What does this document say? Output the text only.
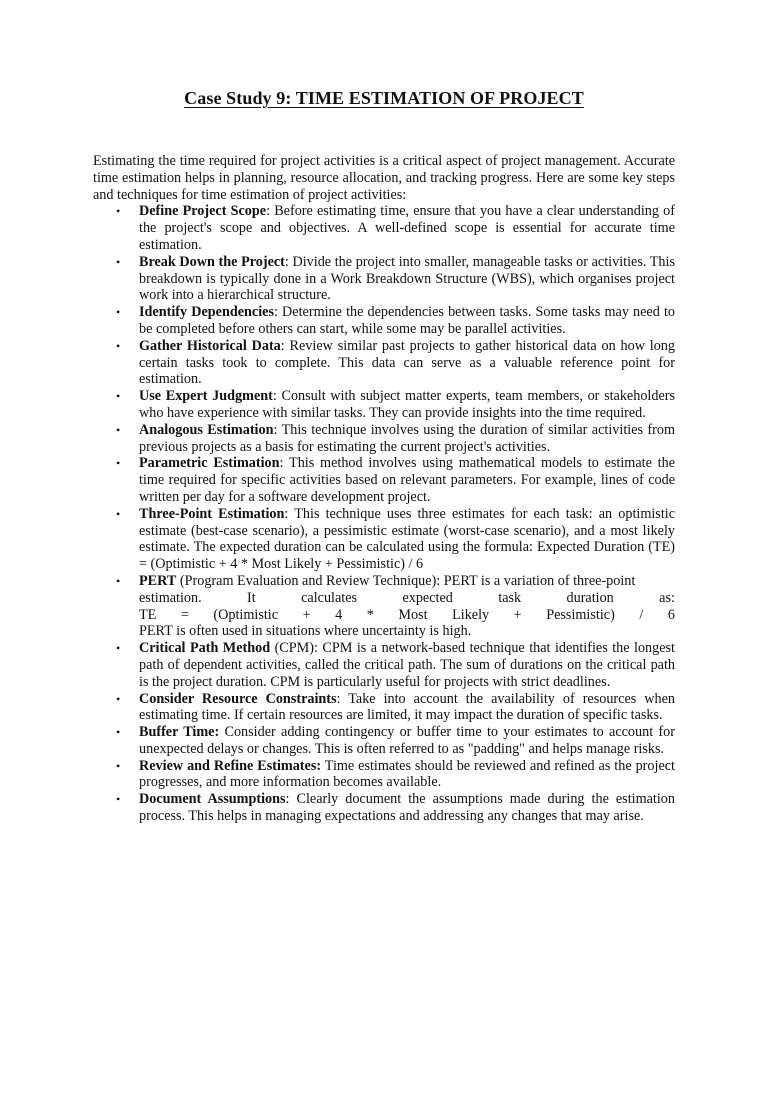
Case Study 9: TIME ESTIMATION OF PROJECT

Estimating the time required for project activities is a critical aspect of project management. Accurate time estimation helps in planning, resource allocation, and tracking progress. Here are some key steps and techniques for time estimation of project activities:

• Define Project Scope: Before estimating time, ensure that you have a clear understanding of the project's scope and objectives. A well-defined scope is essential for accurate time estimation.
• Break Down the Project: Divide the project into smaller, manageable tasks or activities. This breakdown is typically done in a Work Breakdown Structure (WBS), which organises project work into a hierarchical structure.
• Identify Dependencies: Determine the dependencies between tasks. Some tasks may need to be completed before others can start, while some may be parallel activities.
• Gather Historical Data: Review similar past projects to gather historical data on how long certain tasks took to complete. This data can serve as a valuable reference point for estimation.
• Use Expert Judgment: Consult with subject matter experts, team members, or stakeholders who have experience with similar tasks. They can provide insights into the time required.
• Analogous Estimation: This technique involves using the duration of similar activities from previous projects as a basis for estimating the current project's activities.
• Parametric Estimation: This method involves using mathematical models to estimate the time required for specific activities based on relevant parameters. For example, lines of code written per day for a software development project.
• Three-Point Estimation: This technique uses three estimates for each task: an optimistic estimate (best-case scenario), a pessimistic estimate (worst-case scenario), and a most likely estimate. The expected duration can be calculated using the formula: Expected Duration (TE) = (Optimistic + 4 * Most Likely + Pessimistic) / 6
• PERT (Program Evaluation and Review Technique): PERT is a variation of three-point
estimation.	It	calculates	expected	task	duration	as:
TE = (Optimistic + 4 * Most Likely + Pessimistic) / 6
PERT is often used in situations where uncertainty is high.
• Critical Path Method (CPM): CPM is a network-based technique that identifies the longest path of dependent activities, called the critical path. The sum of durations on the critical path is the project duration. CPM is particularly useful for projects with strict deadlines.
• Consider Resource Constraints: Take into account the availability of resources when estimating time. If certain resources are limited, it may impact the duration of specific tasks.
• Buffer Time: Consider adding contingency or buffer time to your estimates to account for unexpected delays or changes. This is often referred to as "padding" and helps manage risks.
• Review and Refine Estimates: Time estimates should be reviewed and refined as the project progresses, and more information becomes available.
• Document Assumptions: Clearly document the assumptions made during the estimation process. This helps in managing expectations and addressing any changes that may arise.
